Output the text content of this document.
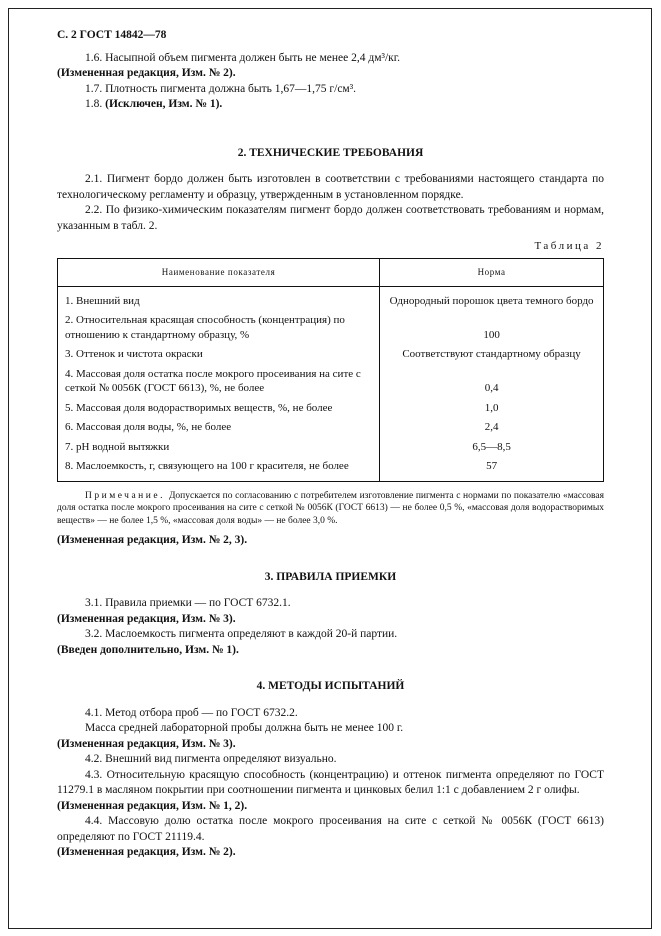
С. 2 ГОСТ 14842—78

1.6. Насыпной объем пигмента должен быть не менее 2,4 дм³/кг.

(Измененная редакция, Изм. № 2).

1.7. Плотность пигмента должна быть 1,67—1,75 г/см³.

1.8. (Исключен, Изм. № 1).

2. ТЕХНИЧЕСКИЕ ТРЕБОВАНИЯ

2.1. Пигмент бордо должен быть изготовлен в соответствии с требованиями настоящего стандарта по технологическому регламенту и образцу, утвержденным в установленном порядке.

2.2. По физико-химическим показателям пигмент бордо должен соответствовать требованиям и нормам, указанным в табл. 2.

Таблица 2
Наименование показателя	Норма
1. Внешний вид	Однородный порошок цвета темного бордо
2. Относительная красящая способность (концентрация) по отношению к стандартному образцу, %	100
3. Оттенок и чистота окраски	Соответствуют стандартному образцу
4. Массовая доля остатка после мокрого просеивания на сите с сеткой № 0056К (ГОСТ 6613), %, не более	0,4
5. Массовая доля водорастворимых веществ, %, не более	1,0
6. Массовая доля воды, %, не более	2,4
7. pH водной вытяжки	6,5—8,5
8. Маслоемкость, г, связующего на 100 г красителя, не более	57

Примечание. Допускается по согласованию с потребителем изготовление пигмента с нормами по показателю «массовая доля остатка после мокрого просеивания на сите с сеткой № 0056К (ГОСТ 6613) — не более 0,5 %, «массовая доля водорастворимых веществ» — не более 1,5 %, «массовая доля воды» — не более 3,0 %.

(Измененная редакция, Изм. № 2, 3).

3. ПРАВИЛА ПРИЕМКИ

3.1. Правила приемки — по ГОСТ 6732.1.

(Измененная редакция, Изм. № 3).

3.2. Маслоемкость пигмента определяют в каждой 20-й партии.

(Введен дополнительно, Изм. № 1).

4. МЕТОДЫ ИСПЫТАНИЙ

4.1. Метод отбора проб — по ГОСТ 6732.2.

Масса средней лабораторной пробы должна быть не менее 100 г.

(Измененная редакция, Изм. № 3).

4.2. Внешний вид пигмента определяют визуально.

4.3. Относительную красящую способность (концентрацию) и оттенок пигмента определяют по ГОСТ 11279.1 в масляном покрытии при соотношении пигмента и цинковых белил 1:1 с добавлением 2 г олифы.

(Измененная редакция, Изм. № 1, 2).

4.4. Массовую долю остатка после мокрого просеивания на сите с сеткой № 0056К (ГОСТ 6613) определяют по ГОСТ 21119.4.

(Измененная редакция, Изм. № 2).
